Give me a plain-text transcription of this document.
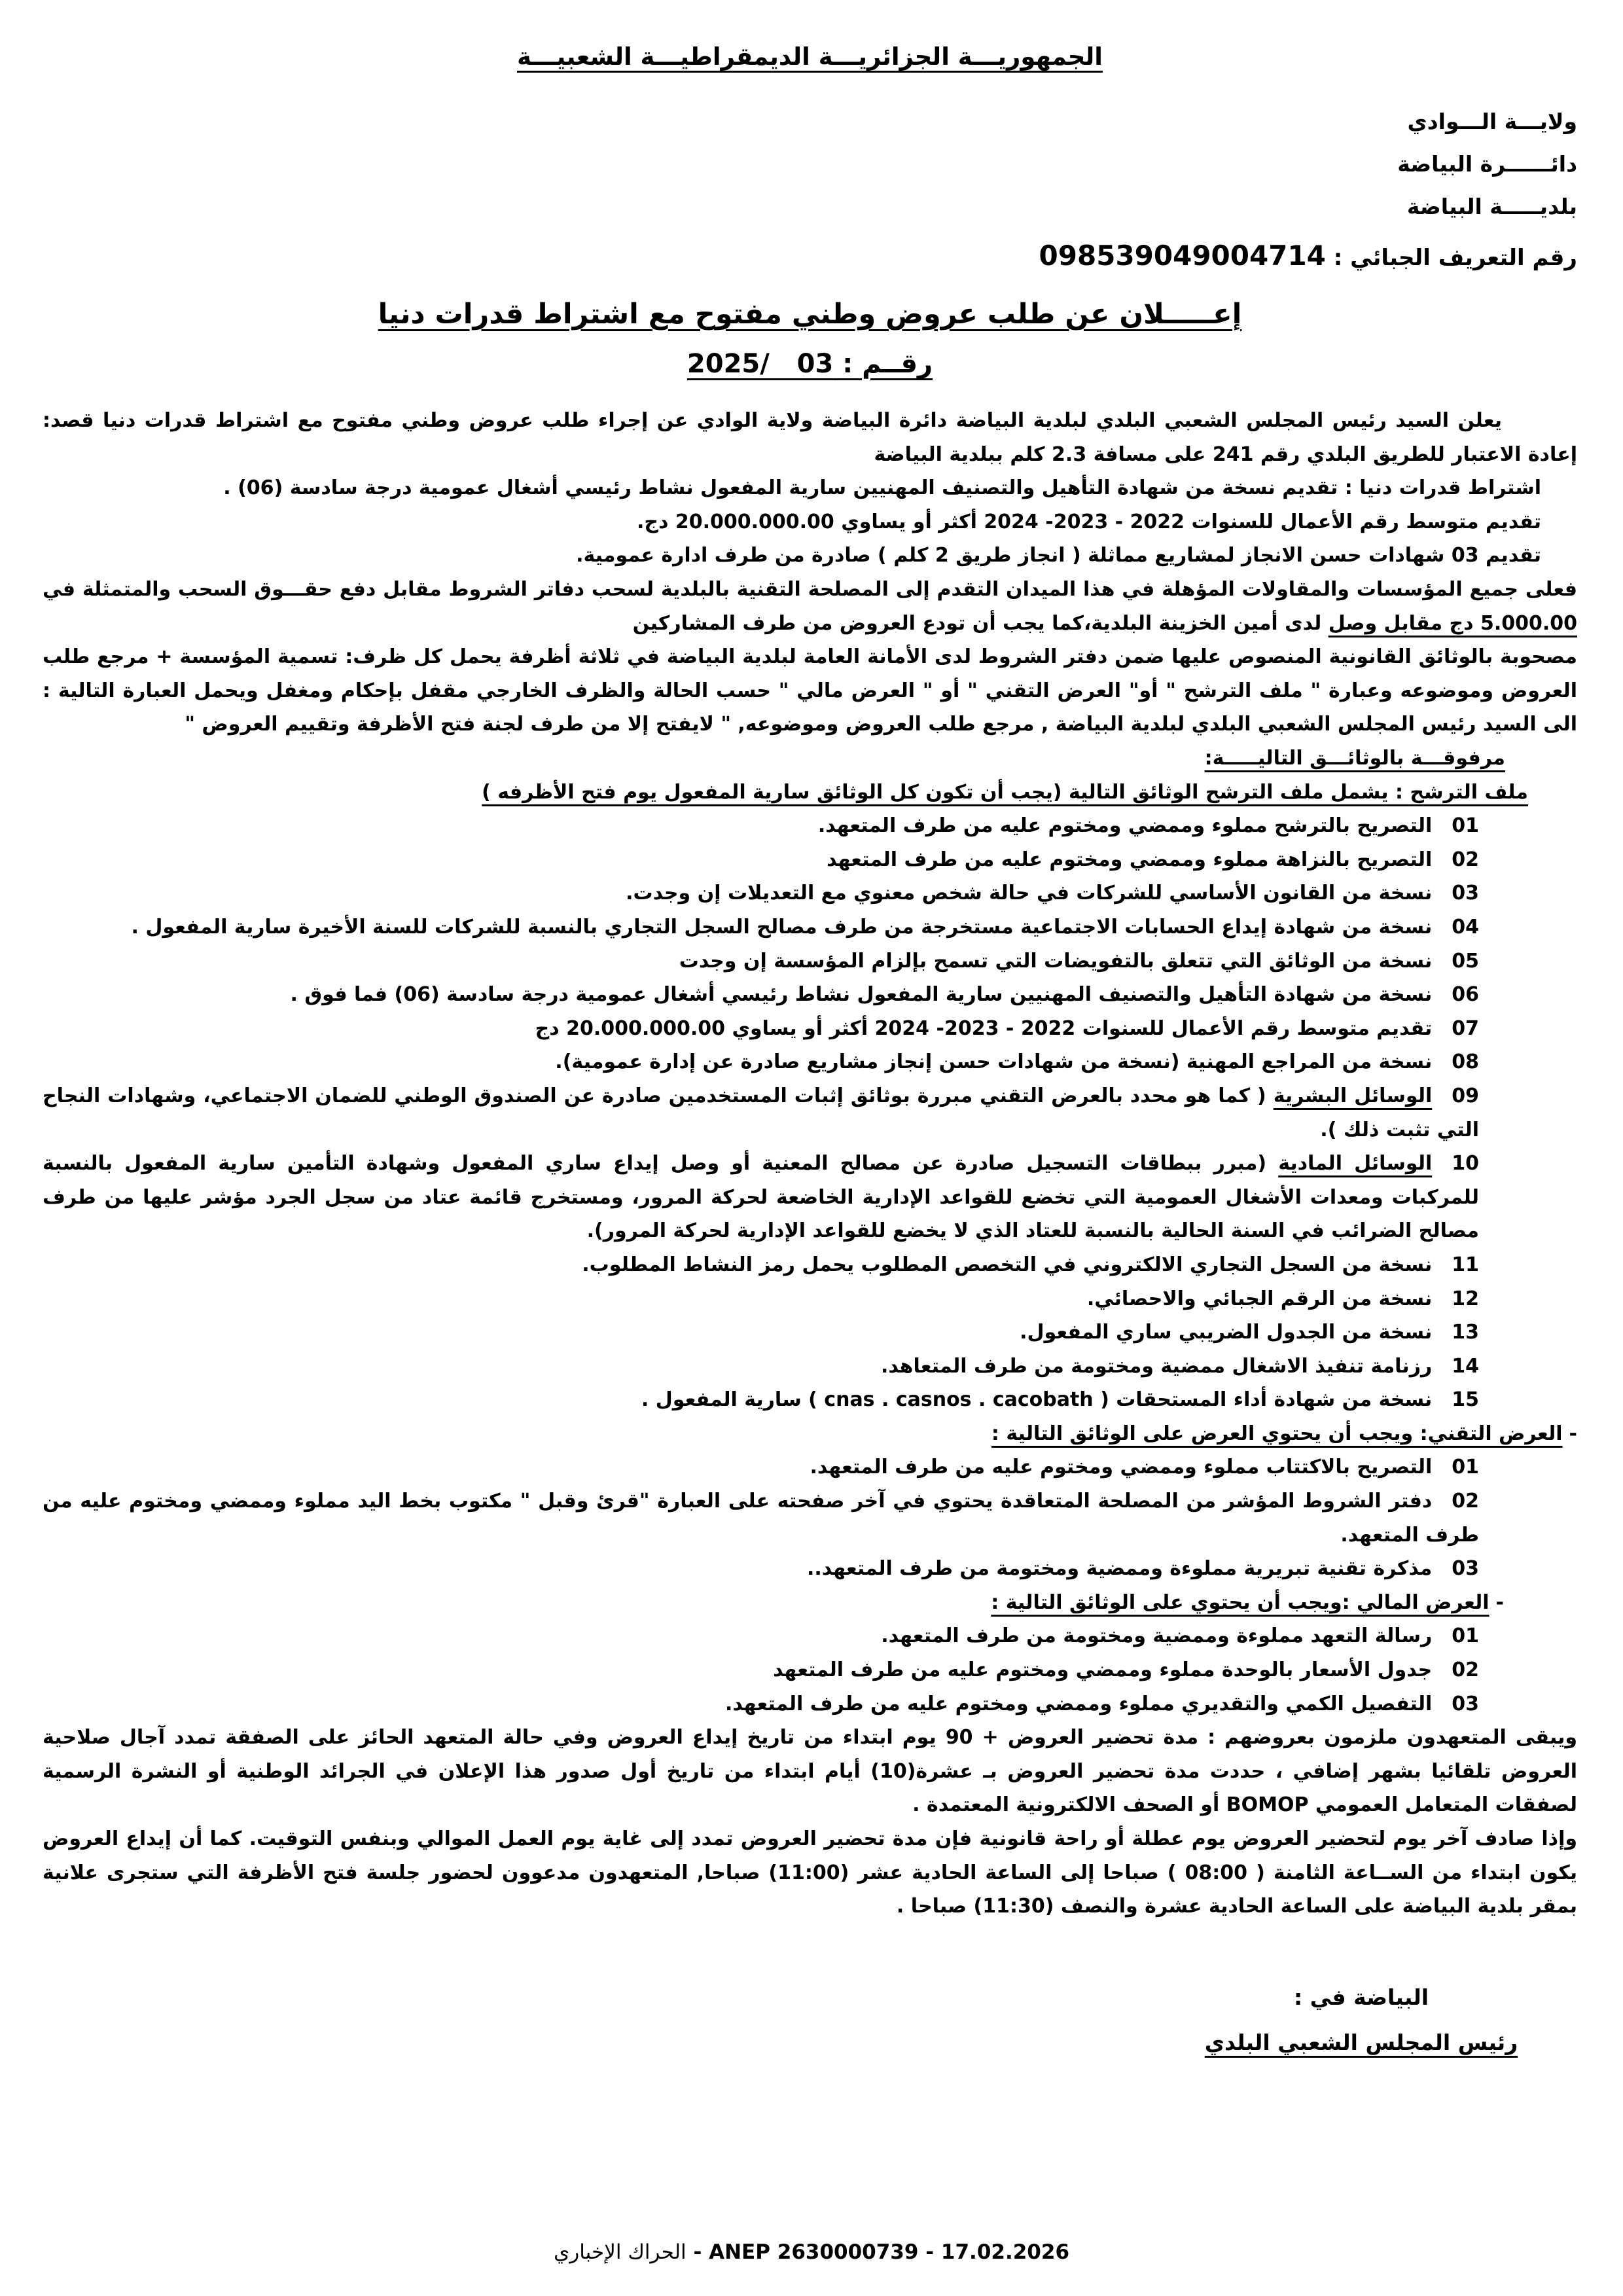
الجمهوريـــة الجزائريـــة الديمقراطيـــة الشعبيـــة
ولايـــة الـــوادي
دائــــــرة البياضة
بلديـــــة البياضة
رقم التعريف الجبائي : 098539049004714
إعـــــلان عن طلب عروض وطني مفتوح مع اشتراط قدرات دنيا
رقــم : 2025/   03
يعلن السيد رئيس المجلس الشعبي البلدي لبلدية البياضة دائرة البياضة ولاية الوادي عن إجراء طلب عروض وطني مفتوح مع اشتراط قدرات دنيا قصد: إعادة الاعتبار للطريق البلدي رقم 241 على مسافة 2.3 كلم ببلدية البياضة
اشتراط قدرات دنيا : تقديم نسخة من شهادة التأهيل والتصنيف المهنيين سارية المفعول نشاط رئيسي أشغال عمومية درجة سادسة (06) .
تقديم متوسط رقم الأعمال للسنوات 2022 - 2023- 2024 أكثر أو يساوي 20.000.000.00 دج.
تقديم 03 شهادات حسن الانجاز لمشاريع مماثلة ( انجاز طريق 2 كلم ) صادرة من طرف ادارة عمومية.
فعلى جميع المؤسسات والمقاولات المؤهلة في هذا الميدان التقدم إلى المصلحة التقنية بالبلدية لسحب دفاتر الشروط مقابل دفع حقـــوق السحب والمتمثلة في 5.000.00 دج مقابل وصل لدى أمين الخزينة البلدية،كما يجب أن تودع العروض من طرف المشاركين
مصحوبة بالوثائق القانونية المنصوص عليها ضمن دفتر الشروط لدى الأمانة العامة لبلدية البياضة في ثلاثة أظرفة يحمل كل ظرف: تسمية المؤسسة + مرجع طلب العروض وموضوعه وعبارة " ملف الترشح " أو" العرض التقني " أو " العرض مالي " حسب الحالة والظرف الخارجي مقفل بإحكام ومغفل ويحمل العبارة التالية : الى السيد رئيس المجلس الشعبي البلدي لبلدية البياضة , مرجع طلب العروض وموضوعه, " لايفتح إلا من طرف لجنة فتح الأظرفة وتقييم العروض "
مرفوقـــة بالوثائـــق التاليـــــة:
ملف الترشح : يشمل ملف الترشح الوثائق التالية (يجب أن تكون كل الوثائق سارية المفعول يوم فتح الأظرفه )
01التصريح بالترشح مملوء وممضي ومختوم عليه من طرف المتعهد.
02التصريح بالنزاهة مملوء وممضي ومختوم عليه من طرف المتعهد
03نسخة من القانون الأساسي للشركات في حالة شخص معنوي مع التعديلات إن وجدت.
04نسخة من شهادة إيداع الحسابات الاجتماعية مستخرجة من طرف مصالح السجل التجاري بالنسبة للشركات للسنة الأخيرة سارية المفعول .
05نسخة من الوثائق التي تتعلق بالتفويضات التي تسمح بإلزام المؤسسة إن وجدت
06نسخة من شهادة التأهيل والتصنيف المهنيين سارية المفعول نشاط رئيسي أشغال عمومية درجة سادسة (06) فما فوق .
07تقديم متوسط رقم الأعمال للسنوات 2022 - 2023- 2024 أكثر أو يساوي 20.000.000.00 دج
08نسخة من المراجع المهنية (نسخة من شهادات حسن إنجاز مشاريع صادرة عن إدارة عمومية).
09الوسائل البشرية ( كما هو محدد بالعرض التقني مبررة بوثائق إثبات المستخدمين صادرة عن الصندوق الوطني للضمان الاجتماعي، وشهادات النجاح التي تثبت ذلك ).
10الوسائل المادية (مبرر ببطاقات التسجيل صادرة عن مصالح المعنية أو وصل إيداع ساري المفعول وشهادة التأمين سارية المفعول بالنسبة للمركبات ومعدات الأشغال العمومية التي تخضع للقواعد الإدارية الخاضعة لحركة المرور، ومستخرج قائمة عتاد من سجل الجرد مؤشر عليها من طرف مصالح الضرائب في السنة الحالية بالنسبة للعتاد الذي لا يخضع للقواعد الإدارية لحركة المرور).
11نسخة من السجل التجاري الالكتروني في التخصص المطلوب يحمل رمز النشاط المطلوب.
12نسخة من الرقم الجبائي والاحصائي.
13نسخة من الجدول الضريبي ساري المفعول.
14رزنامة تنفيذ الاشغال ممضية ومختومة من طرف المتعاهد.
15نسخة من شهادة أداء المستحقات ( cnas . casnos . cacobath ) سارية المفعول .
-العرض التقني: ويجب أن يحتوي العرض على الوثائق التالية :
01التصريح بالاكتتاب مملوء وممضي ومختوم عليه من طرف المتعهد.
02دفتر الشروط المؤشر من المصلحة المتعاقدة يحتوي في آخر صفحته على العبارة "قرئ وقبل " مكتوب بخط اليد مملوء وممضي ومختوم عليه من طرف المتعهد.
03مذكرة تقنية تبريرية مملوءة وممضية ومختومة من طرف المتعهد..
-العرض المالي :ويجب أن يحتوي على الوثائق التالية :
01رسالة التعهد مملوءة وممضية ومختومة من طرف المتعهد.
02جدول الأسعار بالوحدة مملوء وممضي ومختوم عليه من طرف المتعهد
03التفصيل الكمي والتقديري مملوء وممضي ومختوم عليه من طرف المتعهد.
ويبقى المتعهدون ملزمون بعروضهم : مدة تحضير العروض + 90 يوم ابتداء من تاريخ إيداع العروض وفي حالة المتعهد الحائز على الصفقة تمدد آجال صلاحية العروض تلقائيا بشهر إضافي ، حددت مدة تحضير العروض بـ عشرة(10) أيام ابتداء من تاريخ أول صدور هذا الإعلان في الجرائد الوطنية أو النشرة الرسمية لصفقات المتعامل العمومي BOMOP أو الصحف الالكترونية المعتمدة .
وإذا صادف آخر يوم لتحضير العروض يوم عطلة أو راحة قانونية فإن مدة تحضير العروض تمدد إلى غاية يوم العمل الموالي وبنفس التوقيت. كما أن إيداع العروض يكون ابتداء من الســاعة الثامنة ( 08:00 ) صباحا إلى الساعة الحادية عشر (11:00) صباحا, المتعهدون مدعوون لحضور جلسة فتح الأظرفة التي ستجرى علانية بمقر بلدية البياضة على الساعة الحادية عشرة والنصف (11:30) صباحا .
البياضة في :
رئيس المجلس الشعبي البلدي
الحراك الإخباري - ANEP 2630000739 - 17.02.2026
